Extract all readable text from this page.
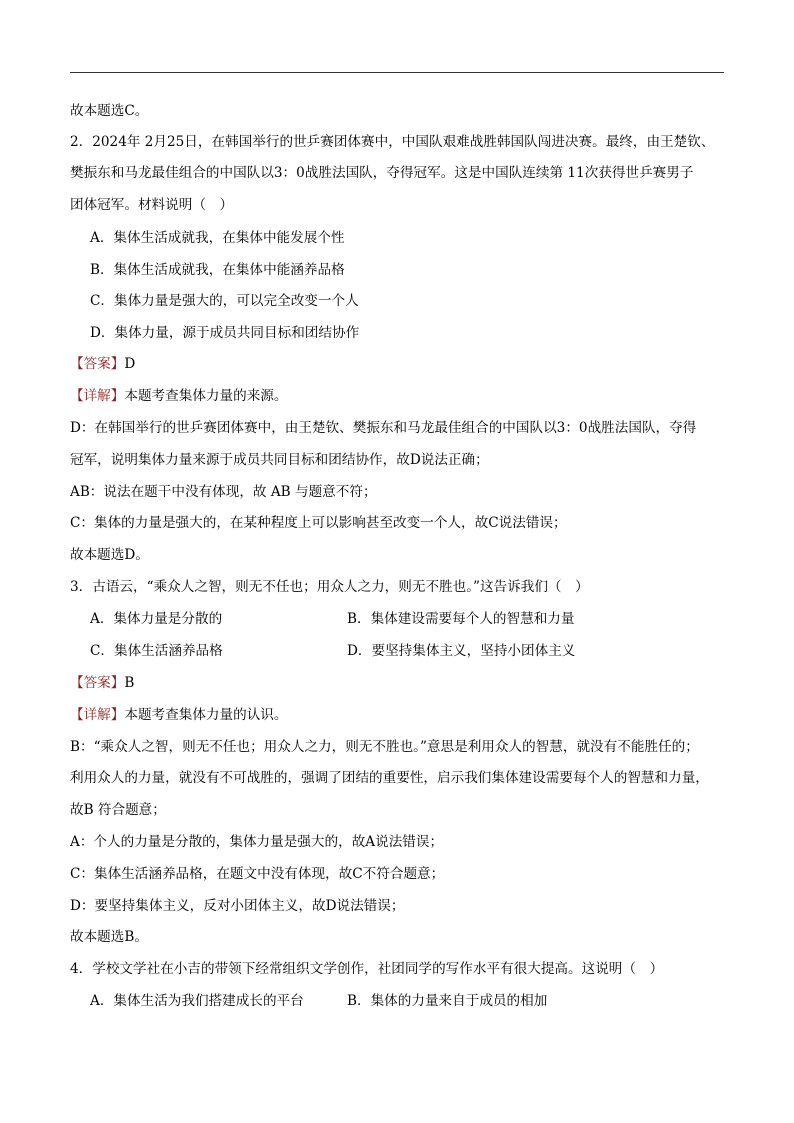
故本题选C。
2．2024年 2月25日，在韩国举行的世乒赛团体赛中，中国队艰难战胜韩国队闯进决赛。最终，由王楚钦、
樊振东和马龙最佳组合的中国队以3：0战胜法国队，夺得冠军。这是中国队连续第 11次获得世乒赛男子
团体冠军。材料说明（　）
A．集体生活成就我，在集体中能发展个性
B．集体生活成就我，在集体中能涵养品格
C．集体力量是强大的，可以完全改变一个人
D．集体力量，源于成员共同目标和团结协作
【答案】D
【详解】本题考查集体力量的来源。
D：在韩国举行的世乒赛团体赛中，由王楚钦、樊振东和马龙最佳组合的中国队以3：0战胜法国队，夺得
冠军，说明集体力量来源于成员共同目标和团结协作，故D说法正确；
AB：说法在题干中没有体现，故 AB 与题意不符；
C：集体的力量是强大的，在某种程度上可以影响甚至改变一个人，故C说法错误；
故本题选D。
3．古语云，“乘众人之智，则无不任也；用众人之力，则无不胜也。”这告诉我们（　）
A．集体力量是分散的	B．集体建设需要每个人的智慧和力量
C．集体生活涵养品格	D．要坚持集体主义，坚持小团体主义
【答案】B
【详解】本题考查集体力量的认识。
B：“乘众人之智，则无不任也；用众人之力，则无不胜也。”意思是利用众人的智慧，就没有不能胜任的；
利用众人的力量，就没有不可战胜的，强调了团结的重要性，启示我们集体建设需要每个人的智慧和力量，
故B 符合题意；
A：个人的力量是分散的，集体力量是强大的，故A说法错误；
C：集体生活涵养品格，在题文中没有体现，故C不符合题意；
D：要坚持集体主义，反对小团体主义，故D说法错误；
故本题选B。
4．学校文学社在小吉的带领下经常组织文学创作，社团同学的写作水平有很大提高。这说明（　）
A．集体生活为我们搭建成长的平台	B．集体的力量来自于成员的相加
